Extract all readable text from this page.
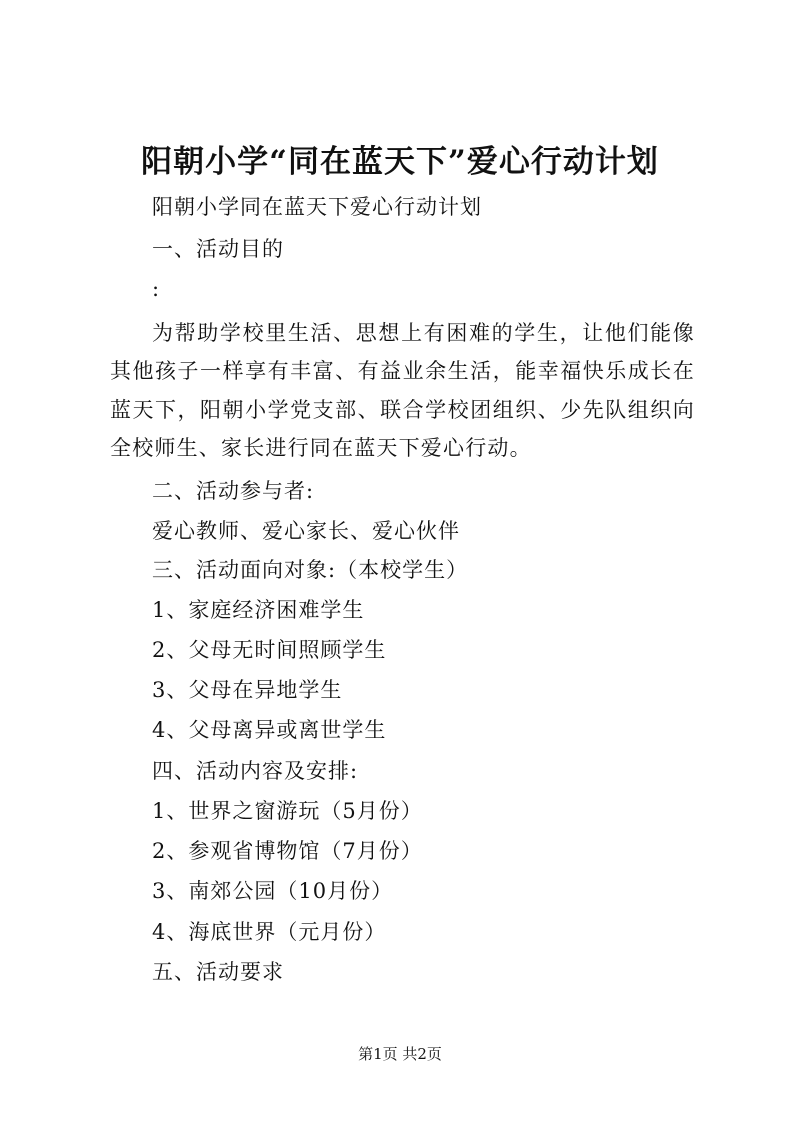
阳朝小学“同在蓝天下”爱心行动计划
阳朝小学同在蓝天下爱心行动计划
一、活动目的
:
为帮助学校里生活、思想上有困难的学生，让他们能像其他孩子一样享有丰富、有益业余生活，能幸福快乐成长在蓝天下，阳朝小学党支部、联合学校团组织、少先队组织向全校师生、家长进行同在蓝天下爱心行动。
二、活动参与者:
爱心教师、爱心家长、爱心伙伴
三、活动面向对象:（本校学生）
1、家庭经济困难学生
2、父母无时间照顾学生
3、父母在异地学生
4、父母离异或离世学生
四、活动内容及安排:
1、世界之窗游玩（5月份）
2、参观省博物馆（7月份）
3、南郊公园（10月份）
4、海底世界（元月份）
五、活动要求
第1页 共2页
